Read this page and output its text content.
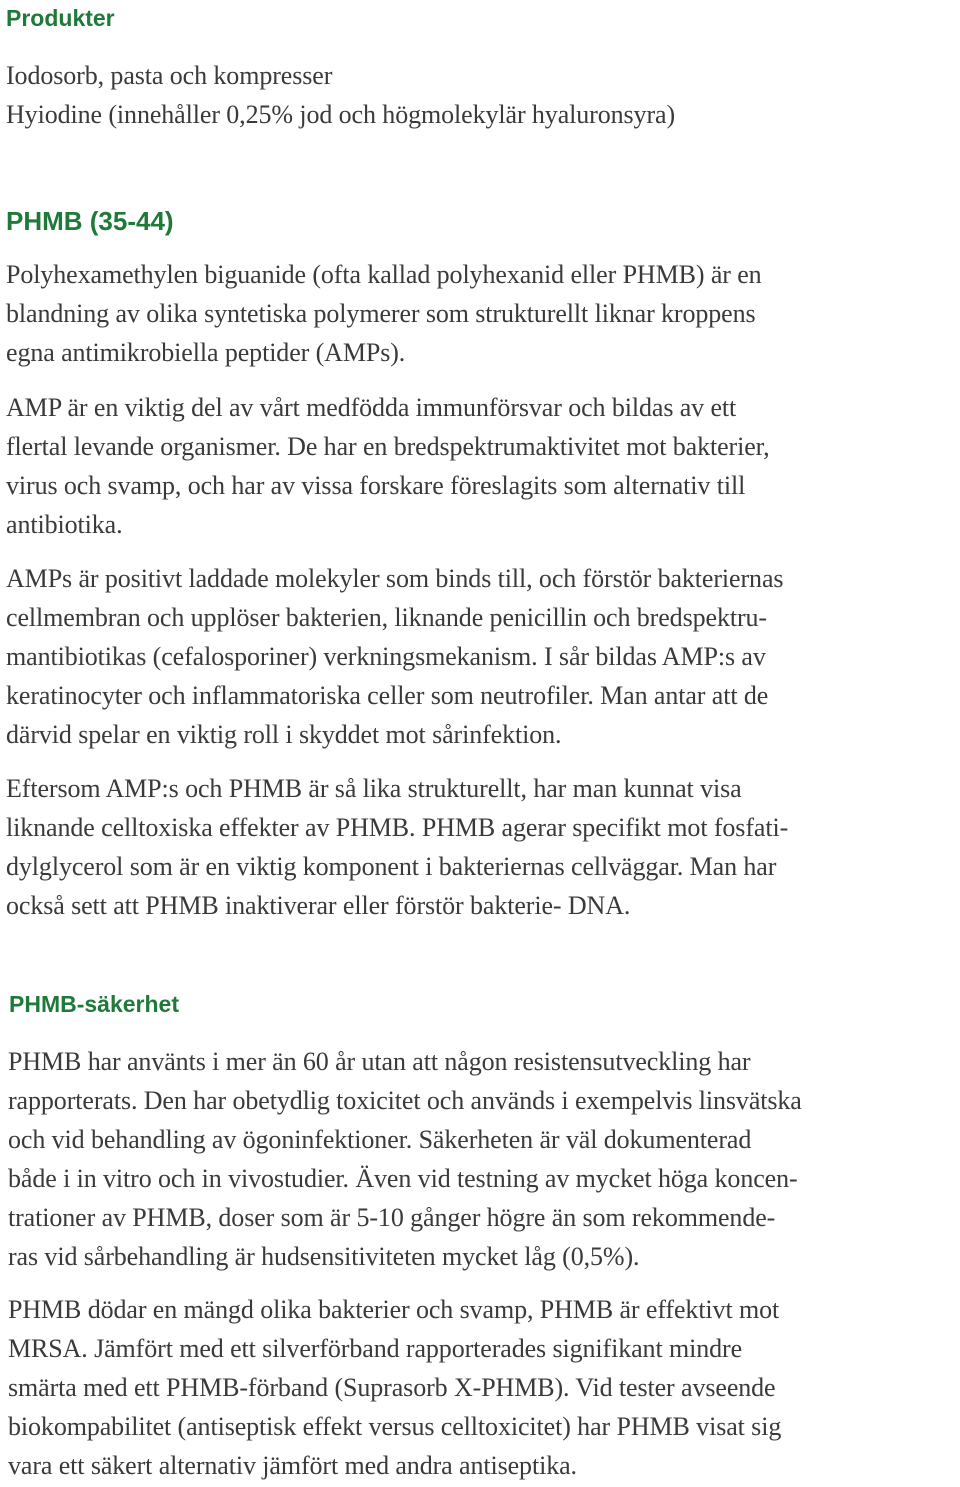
Produkter

Iodosorb, pasta och kompresser

Hyiodine (innehåller 0,25% jod och högmolekylär hyaluronsyra)

PHMB (35-44)

Polyhexamethylen biguanide (ofta kallad polyhexanid eller PHMB) är en

blandning av olika syntetiska polymerer som strukturellt liknar kroppens

egna antimikrobiella peptider (AMPs).

AMP är en viktig del av vårt medfödda immunförsvar och bildas av ett

flertal levande organismer. De har en bredspektrumaktivitet mot bakterier,

virus och svamp, och har av vissa forskare föreslagits som alternativ till

antibiotika.

AMPs är positivt laddade molekyler som binds till, och förstör bakteriernas

cellmembran och upplöser bakterien, liknande penicillin och bredspektru-

mantibiotikas (cefalosporiner) verkningsmekanism. I sår bildas AMP:s av

keratinocyter och inflammatoriska celler som neutrofiler. Man antar att de

därvid spelar en viktig roll i skyddet mot sårinfektion.

Eftersom AMP:s och PHMB är så lika strukturellt, har man kunnat visa

liknande celltoxiska effekter av PHMB. PHMB agerar specifikt mot fosfati-

dylglycerol som är en viktig komponent i bakteriernas cellväggar. Man har

också sett att PHMB inaktiverar eller förstör bakterie- DNA.

PHMB-säkerhet

PHMB har använts i mer än 60 år utan att någon resistensutveckling har

rapporterats. Den har obetydlig toxicitet och används i exempelvis linsvätska

och vid behandling av ögoninfektioner. Säkerheten är väl dokumenterad

både i in vitro och in vivostudier. Även vid testning av mycket höga koncen-

trationer av PHMB, doser som är 5-10 gånger högre än som rekommende-

ras vid sårbehandling är hudsensitiviteten mycket låg (0,5%).

PHMB dödar en mängd olika bakterier och svamp, PHMB är effektivt mot

MRSA. Jämfört med ett silverförband rapporterades signifikant mindre

smärta med ett PHMB-förband (Suprasorb X-PHMB). Vid tester avseende

biokompabilitet (antiseptisk effekt versus celltoxicitet) har PHMB visat sig

vara ett säkert alternativ jämfört med andra antiseptika.
